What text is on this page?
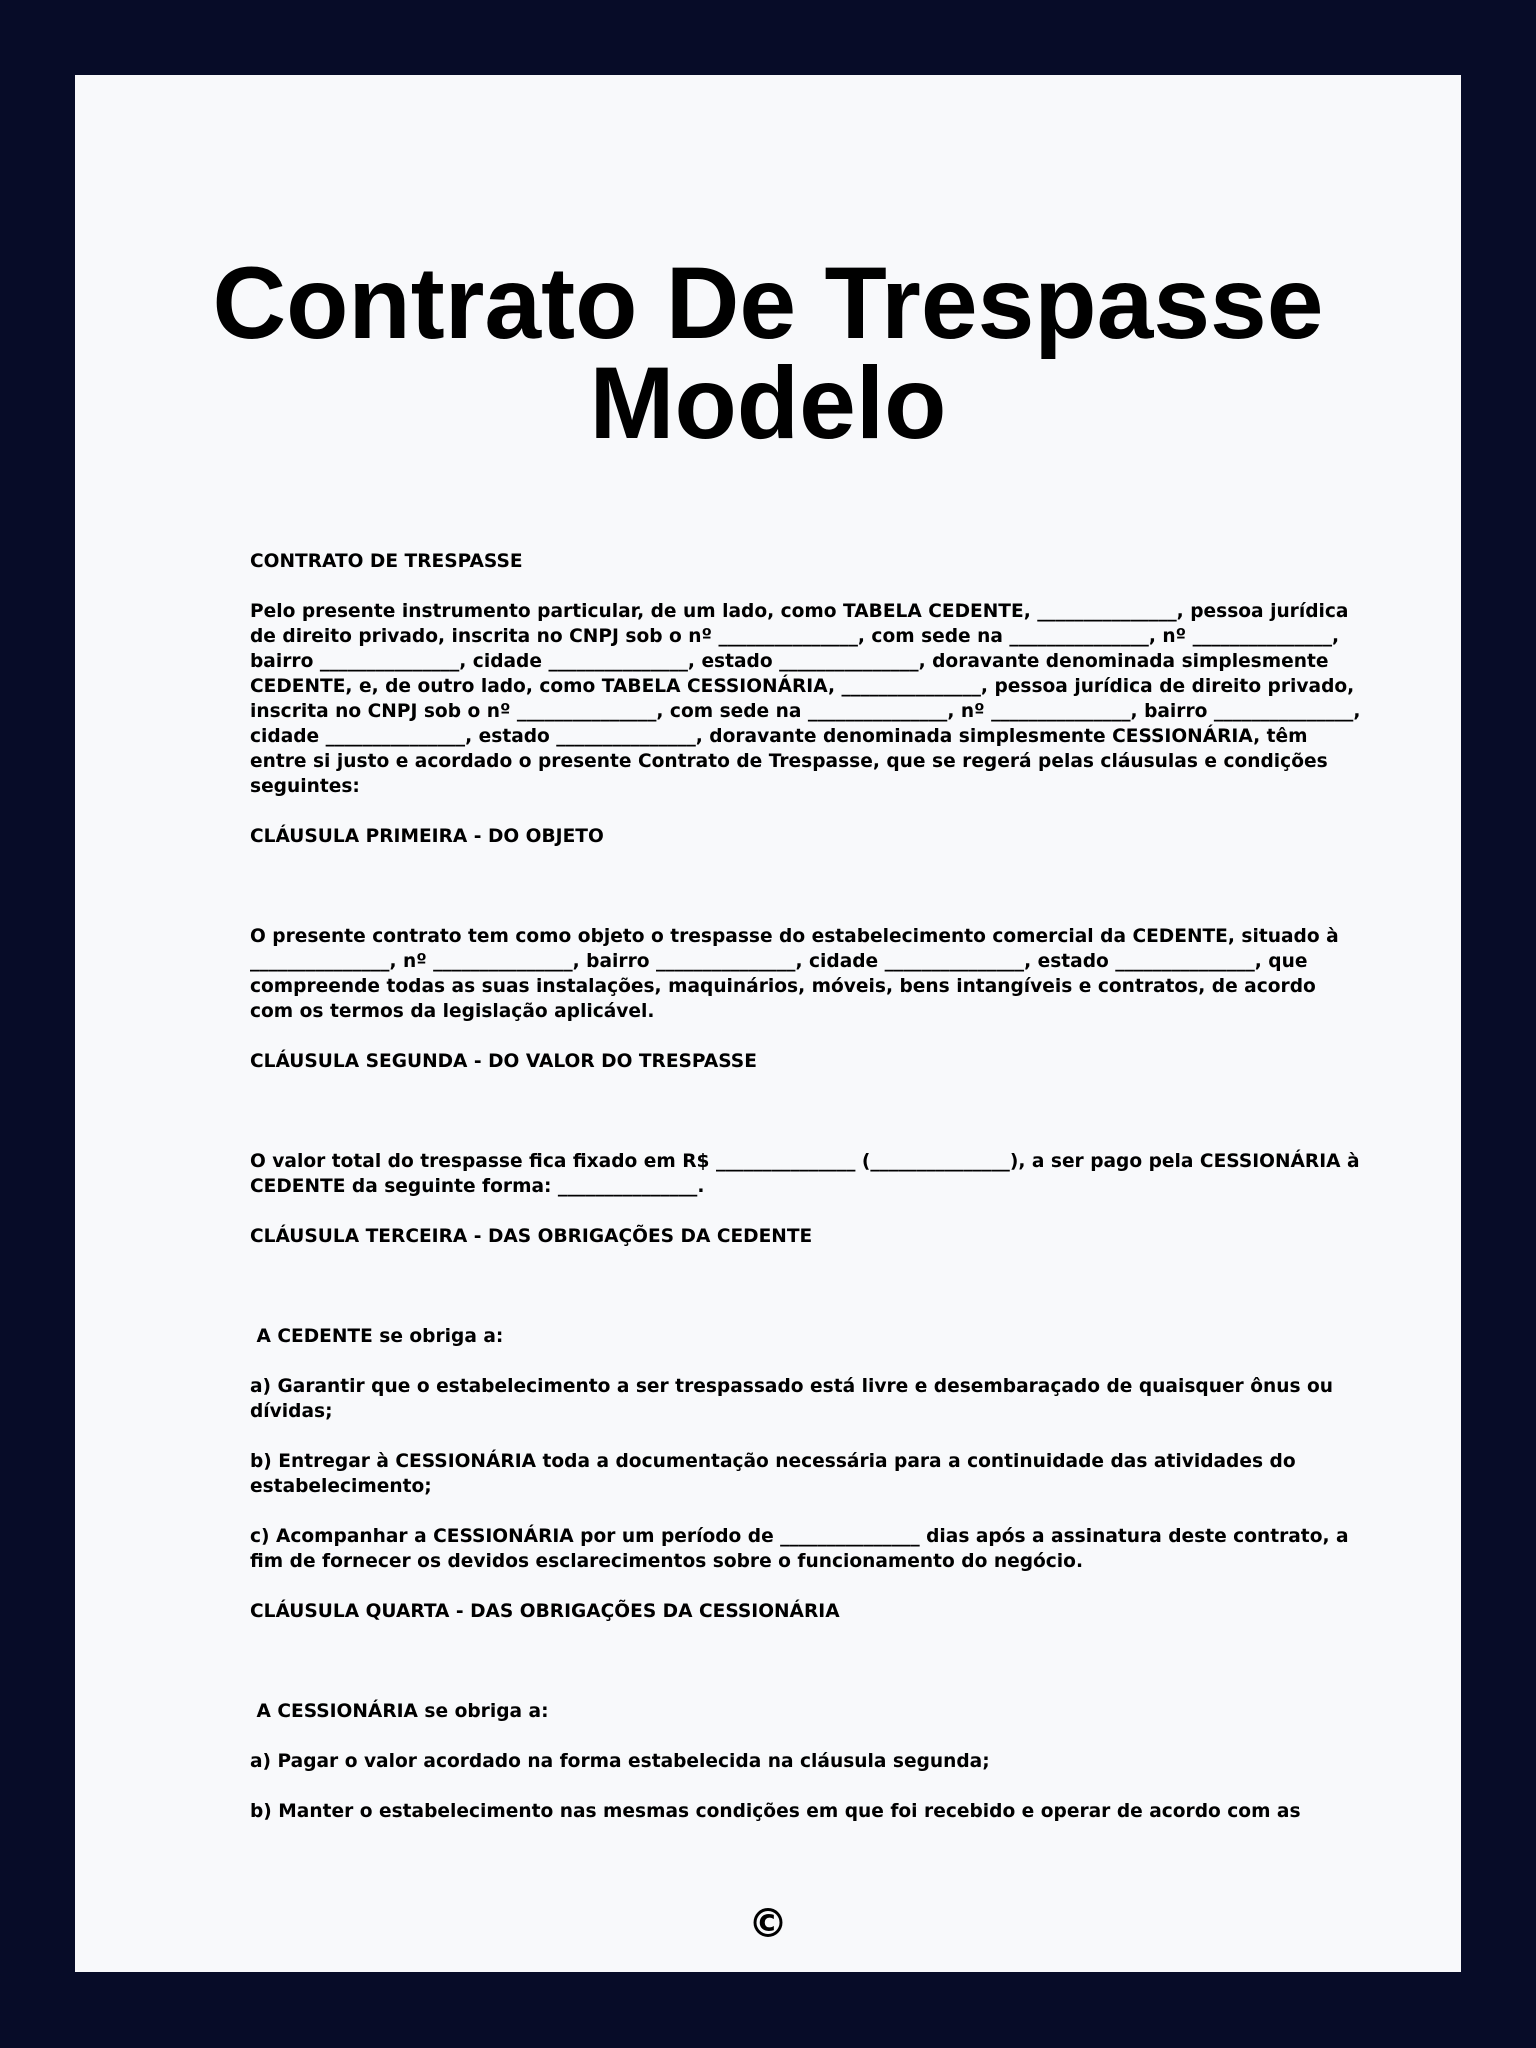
Contrato De Trespasse
Modelo

CONTRATO DE TRESPASSE

Pelo presente instrumento particular, de um lado, como TABELA CEDENTE, _______________, pessoa jurídica de direito privado, inscrita no CNPJ sob o nº _______________, com sede na _______________, nº _______________, bairro _______________, cidade _______________, estado _______________, doravante denominada simplesmente CEDENTE, e, de outro lado, como TABELA CESSIONÁRIA, _______________, pessoa jurídica de direito privado, inscrita no CNPJ sob o nº _______________, com sede na _______________, nº _______________, bairro _______________, cidade _______________, estado _______________, doravante denominada simplesmente CESSIONÁRIA, têm entre si justo e acordado o presente Contrato de Trespasse, que se regerá pelas cláusulas e condições seguintes:

CLÁUSULA PRIMEIRA - DO OBJETO

O presente contrato tem como objeto o trespasse do estabelecimento comercial da CEDENTE, situado à _______________, nº _______________, bairro _______________, cidade _______________, estado _______________, que compreende todas as suas instalações, maquinários, móveis, bens intangíveis e contratos, de acordo com os termos da legislação aplicável.

CLÁUSULA SEGUNDA - DO VALOR DO TRESPASSE

O valor total do trespasse fica fixado em R$ _______________ (_______________), a ser pago pela CESSIONÁRIA à CEDENTE da seguinte forma: _______________.

CLÁUSULA TERCEIRA - DAS OBRIGAÇÕES DA CEDENTE

A CEDENTE se obriga a:

a) Garantir que o estabelecimento a ser trespassado está livre e desembaraçado de quaisquer ônus ou dívidas;

b) Entregar à CESSIONÁRIA toda a documentação necessária para a continuidade das atividades do estabelecimento;

c) Acompanhar a CESSIONÁRIA por um período de _______________ dias após a assinatura deste contrato, a fim de fornecer os devidos esclarecimentos sobre o funcionamento do negócio.

CLÁUSULA QUARTA - DAS OBRIGAÇÕES DA CESSIONÁRIA

A CESSIONÁRIA se obriga a:

a) Pagar o valor acordado na forma estabelecida na cláusula segunda;

b) Manter o estabelecimento nas mesmas condições em que foi recebido e operar de acordo com as

©
